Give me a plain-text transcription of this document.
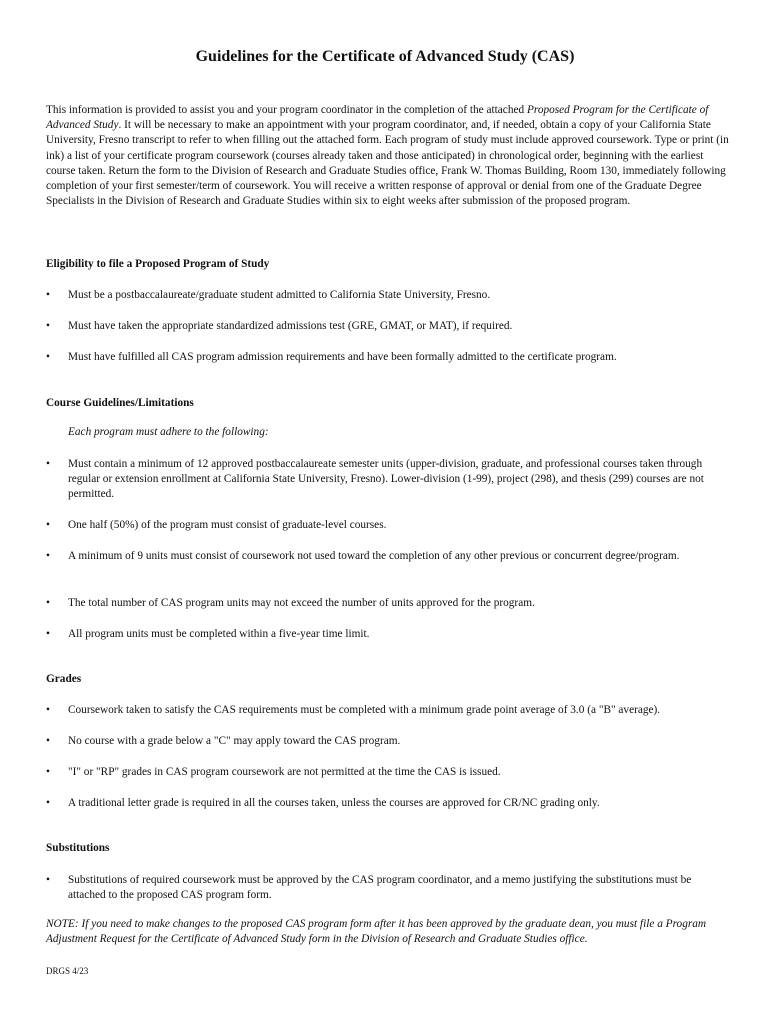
Guidelines for the Certificate of Advanced Study (CAS)
This information is provided to assist you and your program coordinator in the completion of the attached Proposed Program for the Certificate of Advanced Study. It will be necessary to make an appointment with your program coordinator, and, if needed, obtain a copy of your California State University, Fresno transcript to refer to when filling out the attached form. Each program of study must include approved coursework. Type or print (in ink) a list of your certificate program coursework (courses already taken and those anticipated) in chronological order, beginning with the earliest course taken. Return the form to the Division of Research and Graduate Studies office, Frank W. Thomas Building, Room 130, immediately following completion of your first semester/term of coursework. You will receive a written response of approval or denial from one of the Graduate Degree Specialists in the Division of Research and Graduate Studies within six to eight weeks after submission of the proposed program.
Eligibility to file a Proposed Program of Study
•	Must be a postbaccalaureate/graduate student admitted to California State University, Fresno.
•	Must have taken the appropriate standardized admissions test (GRE, GMAT, or MAT), if required.
•	Must have fulfilled all CAS program admission requirements and have been formally admitted to the certificate program.
Course Guidelines/Limitations
Each program must adhere to the following:
•	Must contain a minimum of 12 approved postbaccalaureate semester units (upper-division, graduate, and professional courses taken through regular or extension enrollment at California State University, Fresno). Lower-division (1-99), project (298), and thesis (299) courses are not permitted.
•	One half (50%) of the program must consist of graduate-level courses.
•	A minimum of 9 units must consist of coursework not used toward the completion of any other previous or concurrent degree/program.
•	The total number of CAS program units may not exceed the number of units approved for the program.
•	All program units must be completed within a five-year time limit.
Grades
•	Coursework taken to satisfy the CAS requirements must be completed with a minimum grade point average of 3.0 (a "B" average).
•	No course with a grade below a "C" may apply toward the CAS program.
•	"I" or "RP" grades in CAS program coursework are not permitted at the time the CAS is issued.
•	A traditional letter grade is required in all the courses taken, unless the courses are approved for CR/NC grading only.
Substitutions
•	Substitutions of required coursework must be approved by the CAS program coordinator, and a memo justifying the substitutions must be attached to the proposed CAS program form.
NOTE: If you need to make changes to the proposed CAS program form after it has been approved by the graduate dean, you must file a Program Adjustment Request for the Certificate of Advanced Study form in the Division of Research and Graduate Studies office.
DRGS 4/23
